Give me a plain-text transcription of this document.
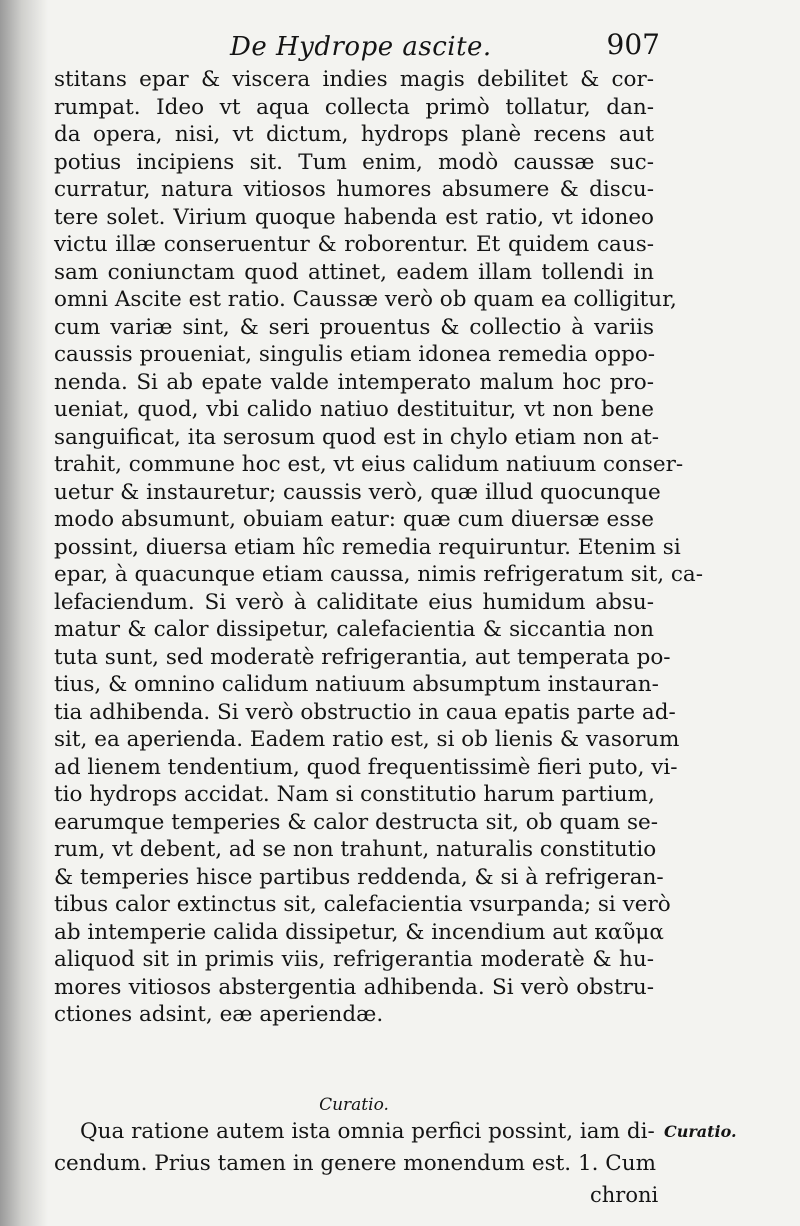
De Hydrope ascite.	907
stitans epar & viscera indies magis debilitet & cor-
rumpat. Ideo vt aqua collecta primò tollatur, dan-
da opera, nisi, vt dictum, hydrops planè recens aut
potius incipiens sit. Tum enim, modò caussæ suc-
curratur, natura vitiosos humores absumere & discu-
tere solet. Virium quoque habenda est ratio, vt idoneo
victu illæ conseruentur & roborentur. Et quidem caus-
sam coniunctam quod attinet, eadem illam tollendi in
omni Ascite est ratio. Caussæ verò ob quam ea colligitur,
cum variæ sint, & seri prouentus & collectio à variis
caussis proueniat, singulis etiam idonea remedia oppo-
nenda. Si ab epate valde intemperato malum hoc pro-
ueniat, quod, vbi calido natiuo destituitur, vt non bene
sanguificat, ita serosum quod est in chylo etiam non at-
trahit, commune hoc est, vt eius calidum natiuum conser-
uetur & instauretur; caussis verò, quæ illud quocunque
modo absumunt, obuiam eatur: quæ cum diuersæ esse
possint, diuersa etiam hîc remedia requiruntur. Etenim si
epar, à quacunque etiam caussa, nimis refrigeratum sit, ca-
lefaciendum. Si verò à caliditate eius humidum absu-
matur & calor dissipetur, calefacientia & siccantia non
tuta sunt, sed moderatè refrigerantia, aut temperata po-
tius, & omnino calidum natiuum absumptum instauran-
tia adhibenda. Si verò obstructio in caua epatis parte ad-
sit, ea aperienda. Eadem ratio est, si ob lienis & vasorum
ad lienem tendentium, quod frequentissimè fieri puto, vi-
tio hydrops accidat. Nam si constitutio harum partium,
earumque temperies & calor destructa sit, ob quam se-
rum, vt debent, ad se non trahunt, naturalis constitutio
& temperies hisce partibus reddenda, & si à refrigeran-
tibus calor extinctus sit, calefacientia vsurpanda; si verò
ab intemperie calida dissipetur, & incendium aut καῦμα
aliquod sit in primis viis, refrigerantia moderatè & hu-
mores vitiosos abstergentia adhibenda. Si verò obstru-
ctiones adsint, eæ aperiendæ.
Curatio.
Qua ratione autem ista omnia perfici possint, iam di-
cendum. Prius tamen in genere monendum est. 1. Cum
Curatio.
chroni
